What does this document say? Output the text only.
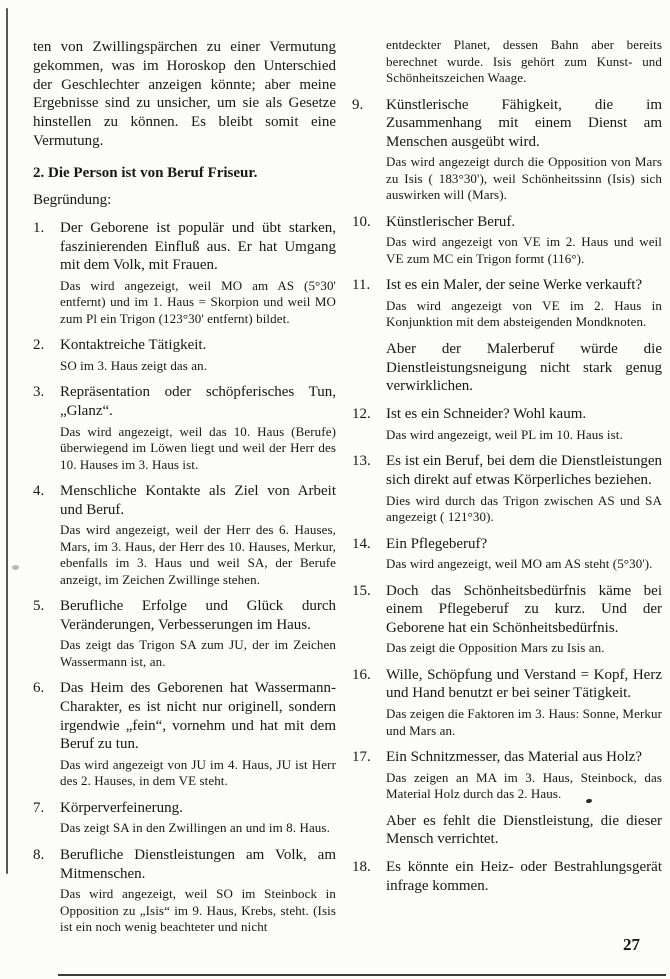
ten von Zwillingspärchen zu einer Vermutung gekommen, was im Horoskop den Unterschied der Geschlechter anzeigen könnte; aber meine Ergebnisse sind zu unsicher, um sie als Gesetze hinstellen zu können. Es bleibt somit eine Vermutung.
2. Die Person ist von Beruf Friseur.
Begründung:
1.	Der Geborene ist populär und übt starken, faszinierenden Einfluß aus. Er hat Umgang mit dem Volk, mit Frauen.
Das wird angezeigt, weil MO am AS (5°30' entfernt) und im 1. Haus = Skorpion und weil MO zum Pl ein Trigon (123°30' entfernt) bildet.
2.	Kontaktreiche Tätigkeit.
SO im 3. Haus zeigt das an.
3.	Repräsentation oder schöpferisches Tun, „Glanz“.
Das wird angezeigt, weil das 10. Haus (Berufe) überwiegend im Löwen liegt und weil der Herr des 10. Hauses im 3. Haus ist.
4.	Menschliche Kontakte als Ziel von Arbeit und Beruf.
Das wird angezeigt, weil der Herr des 6. Hauses, Mars, im 3. Haus, der Herr des 10. Hauses, Merkur, ebenfalls im 3. Haus und weil SA, der Berufe anzeigt, im Zeichen Zwillinge stehen.
5.	Berufliche Erfolge und Glück durch Veränderungen, Verbesserungen im Haus.
Das zeigt das Trigon SA zum JU, der im Zeichen Wassermann ist, an.
6.	Das Heim des Geborenen hat Wassermann-Charakter, es ist nicht nur originell, sondern irgendwie „fein“, vornehm und hat mit dem Beruf zu tun.
Das wird angezeigt von JU im 4. Haus, JU ist Herr des 2. Hauses, in dem VE steht.
7.	Körperverfeinerung.
Das zeigt SA in den Zwillingen an und im 8. Haus.
8.	Berufliche Dienstleistungen am Volk, am Mitmenschen.
Das wird angezeigt, weil SO im Steinbock in Opposition zu „Isis“ im 9. Haus, Krebs, steht. (Isis ist ein noch wenig beachteter und nicht
entdeckter Planet, dessen Bahn aber bereits berechnet wurde. Isis gehört zum Kunst- und Schönheitszeichen Waage.
9.	Künstlerische Fähigkeit, die im Zusammenhang mit einem Dienst am Menschen ausgeübt wird.
Das wird angezeigt durch die Opposition von Mars zu Isis ( 183°30'), weil Schönheitssinn (Isis) sich auswirken will (Mars).
10.	Künstlerischer Beruf.
Das wird angezeigt von VE im 2. Haus und weil VE zum MC ein Trigon formt (116°).
11.	Ist es ein Maler, der seine Werke verkauft?
Das wird angezeigt von VE im 2. Haus in Konjunktion mit dem absteigenden Mondknoten.
Aber der Malerberuf würde die Dienstleistungsneigung nicht stark genug verwirklichen.
12.	Ist es ein Schneider? Wohl kaum.
Das wird angezeigt, weil PL im 10. Haus ist.
13.	Es ist ein Beruf, bei dem die Dienstleistungen sich direkt auf etwas Körperliches beziehen.
Dies wird durch das Trigon zwischen AS und SA angezeigt ( 121°30).
14.	Ein Pflegeberuf?
Das wird angezeigt, weil MO am AS steht (5°30').
15.	Doch das Schönheitsbedürfnis käme bei einem Pflegeberuf zu kurz. Und der Geborene hat ein Schönheitsbedürfnis.
Das zeigt die Opposition Mars zu Isis an.
16.	Wille, Schöpfung und Verstand = Kopf, Herz und Hand benutzt er bei seiner Tätigkeit.
Das zeigen die Faktoren im 3. Haus: Sonne, Merkur und Mars an.
17.	Ein Schnitzmesser, das Material aus Holz?
Das zeigen an MA im 3. Haus, Steinbock, das Material Holz durch das 2. Haus.
Aber es fehlt die Dienstleistung, die dieser Mensch verrichtet.
18.	Es könnte ein Heiz- oder Bestrahlungsgerät infrage kommen.
27
